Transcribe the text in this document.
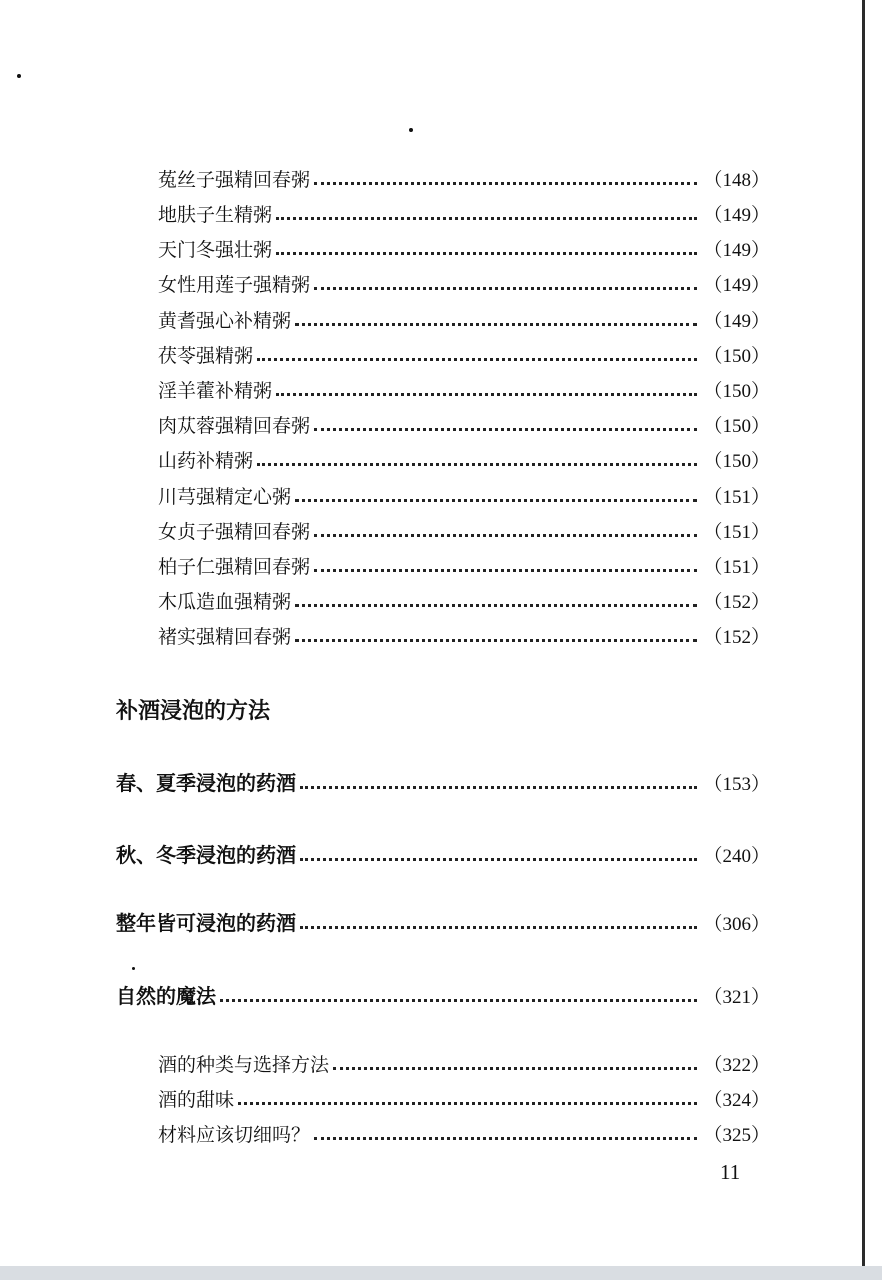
菟丝子强精回春粥	（148）
地肤子生精粥	（149）
天门冬强壮粥	（149）
女性用莲子强精粥	（149）
黄耆强心补精粥	（149）
茯苓强精粥	（150）
淫羊藿补精粥	（150）
肉苁蓉强精回春粥	（150）
山药补精粥	（150）
川芎强精定心粥	（151）
女贞子强精回春粥	（151）
柏子仁强精回春粥	（151）
木瓜造血强精粥	（152）
褚实强精回春粥	（152）
补酒浸泡的方法
春、夏季浸泡的药酒	（153）
秋、冬季浸泡的药酒	（240）
整年皆可浸泡的药酒	（306）
自然的魔法	（321）
酒的种类与选择方法	（322）
酒的甜味	（324）
材料应该切细吗？	（325）
11
